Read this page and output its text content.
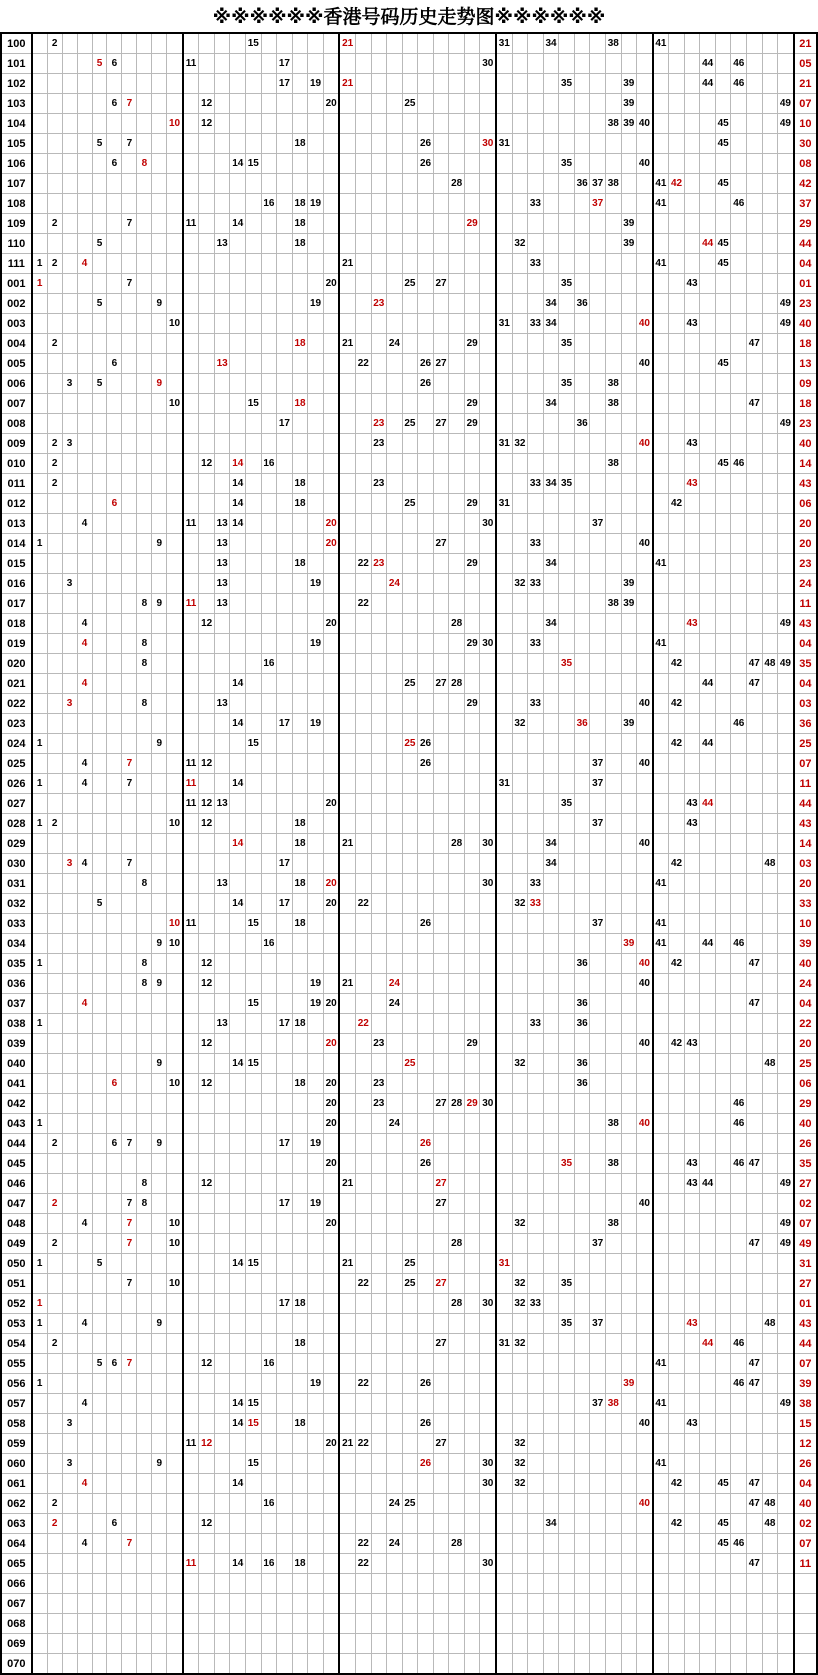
※※※※※※香港号码历史走势图※※※※※※
100		2													15						21										31			34				38			41									21
101					5	6					11						17													30														44		46				05
102																	17		19		21														35				39					44		46				21
103						6	7					12								20					25														39										49	07
104										10		12																										38	39	40					45				49	10
105					5		7											18								26				30	31														45					30
106						6		8						14	15											26									35					40										08
107																												28								36	37	38			41	42			45					42
108																16		18	19														33				37				41					46				37
109		2					7				11			14				18											29										39											29
110					5								13					18														32							39					44	45					44
111	1	2		4																	21												33								41				45					04
001	1						7													20					25		27								35								43							01
002					5				9										19				23											34		36													49	23
003										10																					31		33	34						40			43						49	40
004		2																18			21			24					29						35												47			18
005						6							13									22				26	27													40					45					13
006			3		5				9																	26									35			38												09
007										10					15			18											29					34				38									47			18
008																	17						23		25		27		29							36													49	23
009		2	3																				23								31	32								40			43							40
010		2										12		14		16																						38							45	46				14
011		2												14				18					23										33	34	35								43							43
012						6								14				18							25				29		31											42								06
013				4							11		13	14						20										30							37													20
014	1								9				13							20							27						33							40										20
015													13					18				22	23						29					34							41									23
016			3										13						19					24								32	33						39											24
017								8	9		11		13									22																38	39											11
018				4								12								20								28						34									43						49	43
019				4				8											19										29	30			33								41									04
020								8								16																			35							42					47	48	49	35
021				4										14											25		27	28																44			47			04
022			3					8					13																29				33							40		42								03
023														14			17		19													32				36			39							46				36
024	1								9						15										25	26																42		44						25
025				4			7				11	12														26											37			40										07
026	1			4			7				11			14																	31						37													11
027											11	12	13							20															35								43	44						44
028	1	2								10		12						18																			37						43							43
029														14				18			21							28		30				34						40										14
030			3	4			7										17																	34								42						48		03
031								8					13					18		20										30			33								41									20
032					5									14			17			20		22										32	33																	33
033										10	11				15			18								26											37				41									10
034									9	10						16																							39		41			44		46				39
035	1							8				12																								36				40		42					47			40
036								8	9			12							19		21			24																40										24
037				4											15				19	20				24												36											47			04
038	1												13				17	18				22											33			36														22
039												12								20			23						29											40		42	43							20
040									9					14	15										25							32				36												48		25
041						6				10		12						18		20			23													36														06
042																				20			23				27	28	29	30																46				29
043	1																			20				24														38		40						46				40
044		2				6	7		9								17		19							26																								26
045																				20						26									35			38					43			46	47			35
046								8				12									21						27																43	44					49	27
047		2					7	8									17		19								27													40										02
048				4			7			10										20												32						38											49	07
049		2					7			10																		28									37										47		49	49
050	1				5									14	15						21				25						31																			31
051							7			10												22			25		27					32			35															27
052	1																17	18										28		30		32	33																	01
053	1			4					9																										35		37						43					48		43
054		2																18									27				31	32												44		46				44
055					5	6	7					12				16																									41						47			07
056	1																		19			22				26													39							46	47			39
057				4										14	15																						37	38			41								49	38
058			3											14	15			18								26														40			43							15
059											11	12								20	21	22					27					32																		12
060			3						9						15											26				30		32									41									26
061				4										14																30		32										42			45		47			04
062		2														16								24	25															40							47	48		40
063		2				6						12																						34								42			45			48		02
064				4			7															22		24				28																	45	46				07
065											11			14		16		18				22								30																	47			11
066																																																		
067																																																		
068																																																		
069																																																		
070																																																		
